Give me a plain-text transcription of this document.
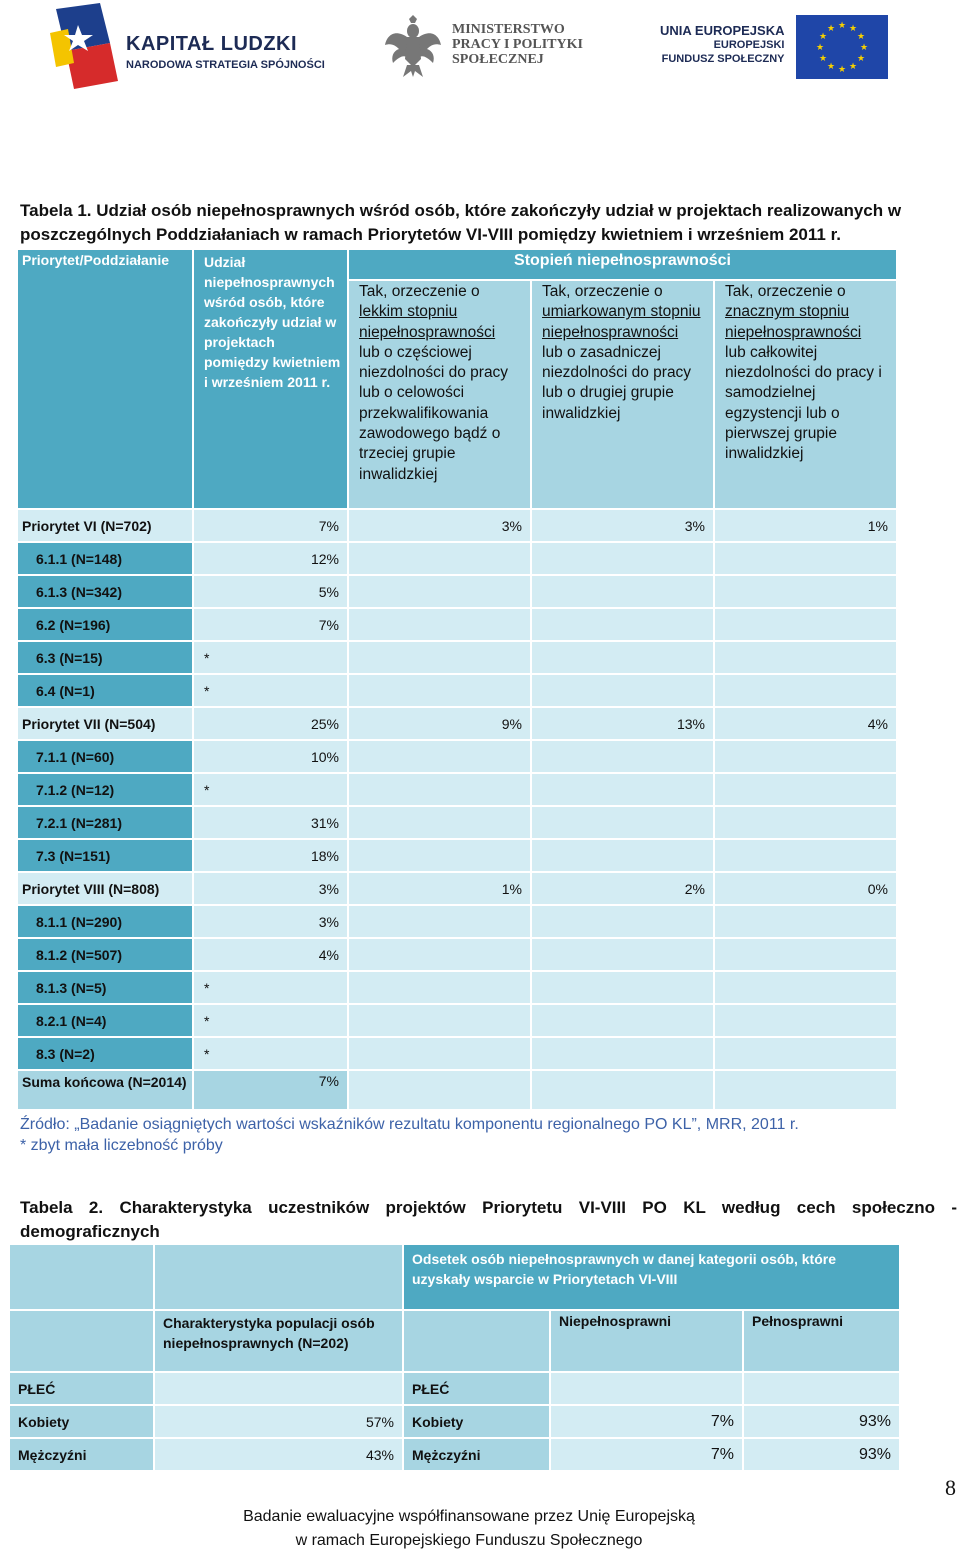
KAPITAŁ LUDZKI
NARODOWA STRATEGIA SPÓJNOŚCI
MINISTERSTWO
PRACY I POLITYKI
SPOŁECZNEJ
UNIA EUROPEJSKA
EUROPEJSKI
FUNDUSZ SPOŁECZNY
★ ★
★
★
★
★
★
★
★
★
★
★
Tabela 1. Udział osób niepełnosprawnych wśród osób, które zakończyły udział w projektach realizowanych w poszczególnych Poddziałaniach w ramach Priorytetów VI-VIII pomiędzy kwietniem i wrześniem 2011 r.
Priorytet/Poddziałanie	Udział niepełnosprawnych wśród osób, które zakończyły udział w projektach pomiędzy kwietniem i wrześniem 2011 r.	Stopień niepełnosprawności		
		Tak, orzeczenie o lekkim stopniu niepełnosprawności lub o częściowej niezdolności do pracy lub o celowości przekwalifikowania zawodowego bądź o trzeciej grupie inwalidzkiej	Tak, orzeczenie o umiarkowanym stopniu niepełnosprawności lub o zasadniczej niezdolności do pracy lub o drugiej grupie inwalidzkiej	Tak, orzeczenie o znacznym stopniu niepełnosprawności lub całkowitej niezdolności do pracy i samodzielnej egzystencji lub o pierwszej grupie inwalidzkiej
Priorytet VI (N=702)	7%	3%	3%	1%
6.1.1 (N=148)	12%			
6.1.3 (N=342)	5%			
6.2 (N=196)	7%			
6.3 (N=15)	*			
6.4 (N=1)	*			
Priorytet VII (N=504)	25%	9%	13%	4%
7.1.1 (N=60)	10%			
7.1.2 (N=12)	*			
7.2.1 (N=281)	31%			
7.3 (N=151)	18%			
Priorytet VIII (N=808)	3%	1%	2%	0%
8.1.1 (N=290)	3%			
8.1.2 (N=507)	4%			
8.1.3 (N=5)	*			
8.2.1 (N=4)	*			
8.3 (N=2)	*			
Suma końcowa (N=2014)	7%			
Źródło: „Badanie osiągniętych wartości wskaźników rezultatu komponentu regionalnego PO KL”, MRR, 2011 r.
* zbyt mała liczebność próby
Tabela 2. Charakterystyka uczestników projektów Priorytetu VI-VIII PO KL według cech społeczno - demograficznych
		Odsetek osób niepełnosprawnych w danej kategorii osób, które uzyskały wsparcie w Priorytetach VI-VIII		
	Charakterystyka populacji osób niepełnosprawnych (N=202)		Niepełnosprawni	Pełnosprawni
PŁEĆ		PŁEĆ		
Kobiety	57%	Kobiety	7%	93%
Mężczyźni	43%	Mężczyźni	7%	93%
8
Badanie ewaluacyjne współfinansowane przez Unię Europejską
w ramach Europejskiego Funduszu Społecznego
